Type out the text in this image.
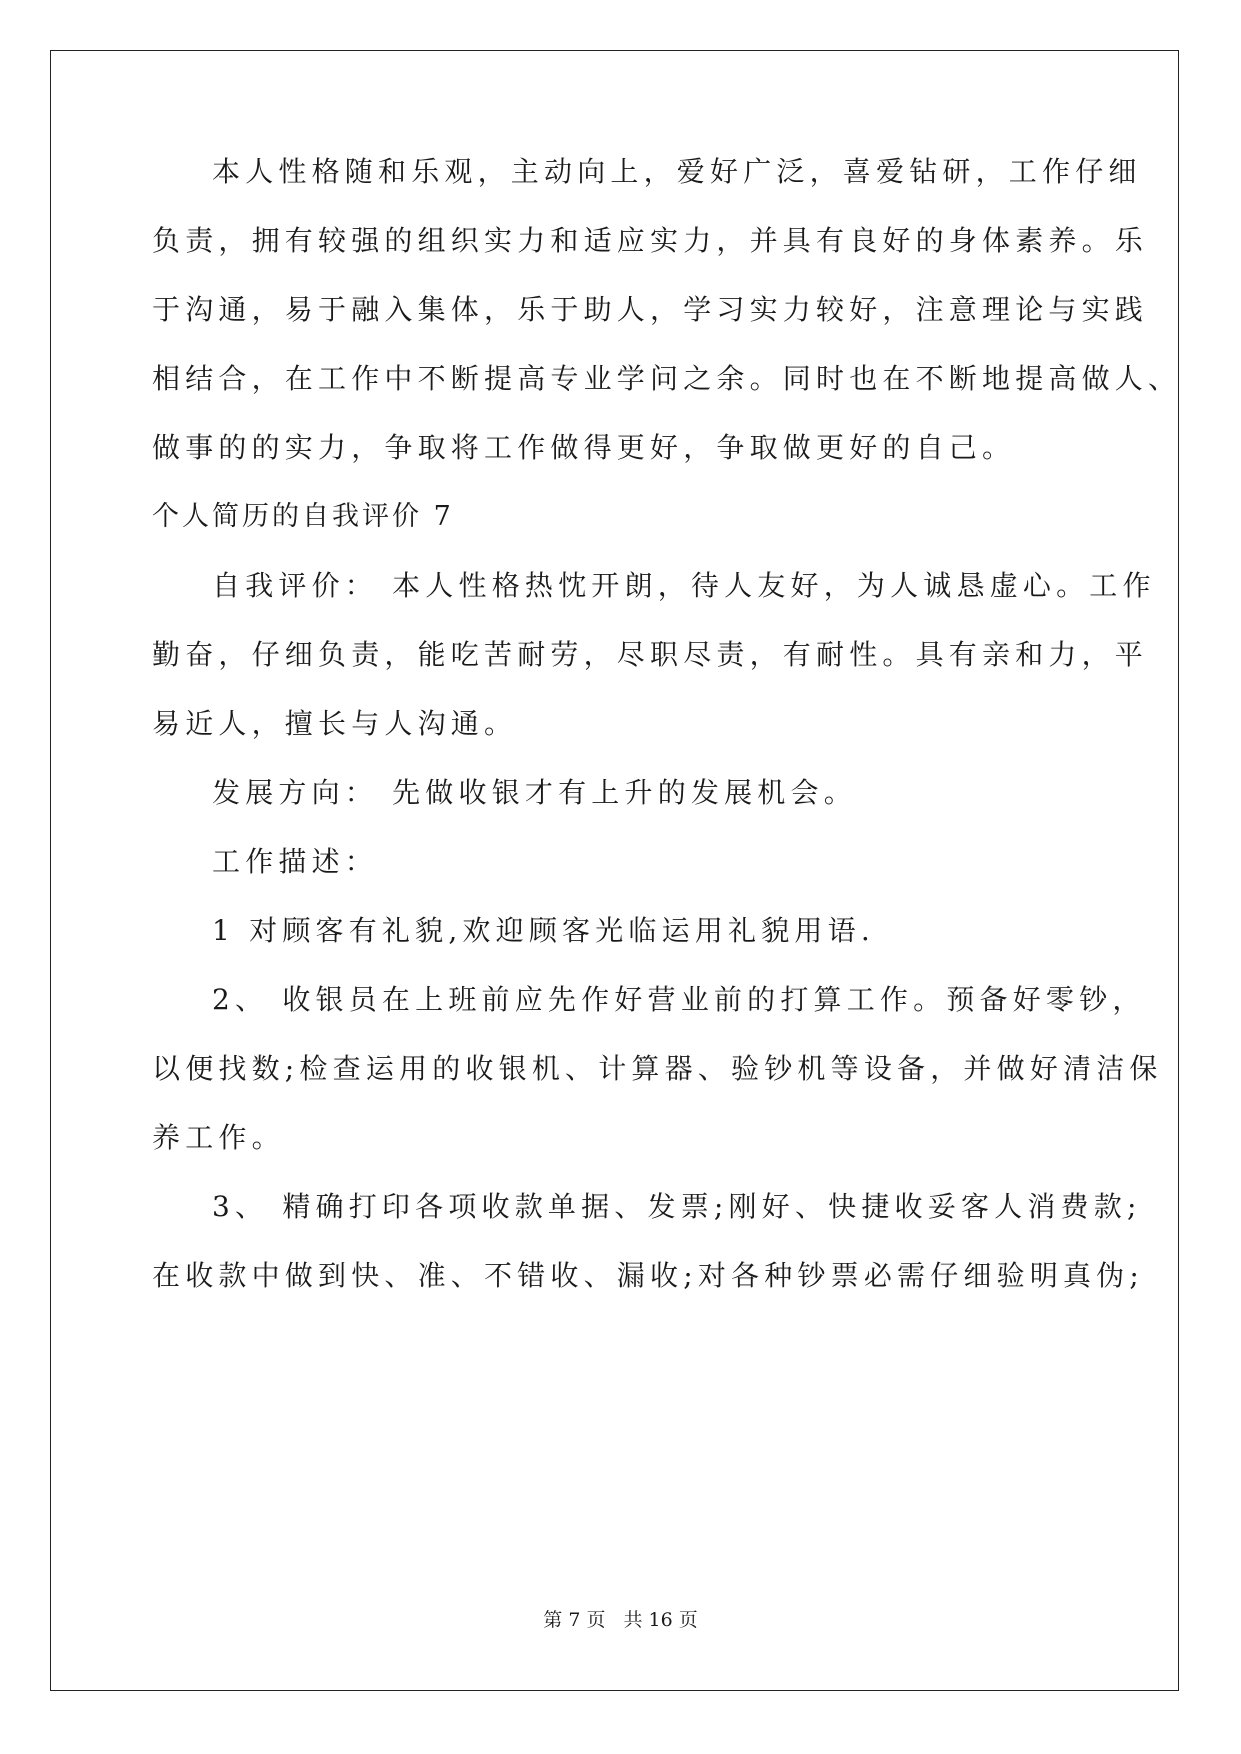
本人性格随和乐观，主动向上，爱好广泛，喜爱钻研，工作仔细
负责，拥有较强的组织实力和适应实力，并具有良好的身体素养。乐
于沟通，易于融入集体，乐于助人，学习实力较好，注意理论与实践
相结合，在工作中不断提高专业学问之余。同时也在不断地提高做人、
做事的的实力，争取将工作做得更好，争取做更好的自己。
个人简历的自我评价 7
自我评价： 本人性格热忱开朗，待人友好，为人诚恳虚心。工作
勤奋，仔细负责，能吃苦耐劳，尽职尽责，有耐性。具有亲和力，平
易近人，擅长与人沟通。
发展方向： 先做收银才有上升的发展机会。
工作描述：
1 对顾客有礼貌,欢迎顾客光临运用礼貌用语.
2、 收银员在上班前应先作好营业前的打算工作。预备好零钞，
以便找数;检查运用的收银机、计算器、验钞机等设备，并做好清洁保
养工作。
3、 精确打印各项收款单据、发票;刚好、快捷收妥客人消费款;
在收款中做到快、准、不错收、漏收;对各种钞票必需仔细验明真伪;
第 7 页 共 16 页
